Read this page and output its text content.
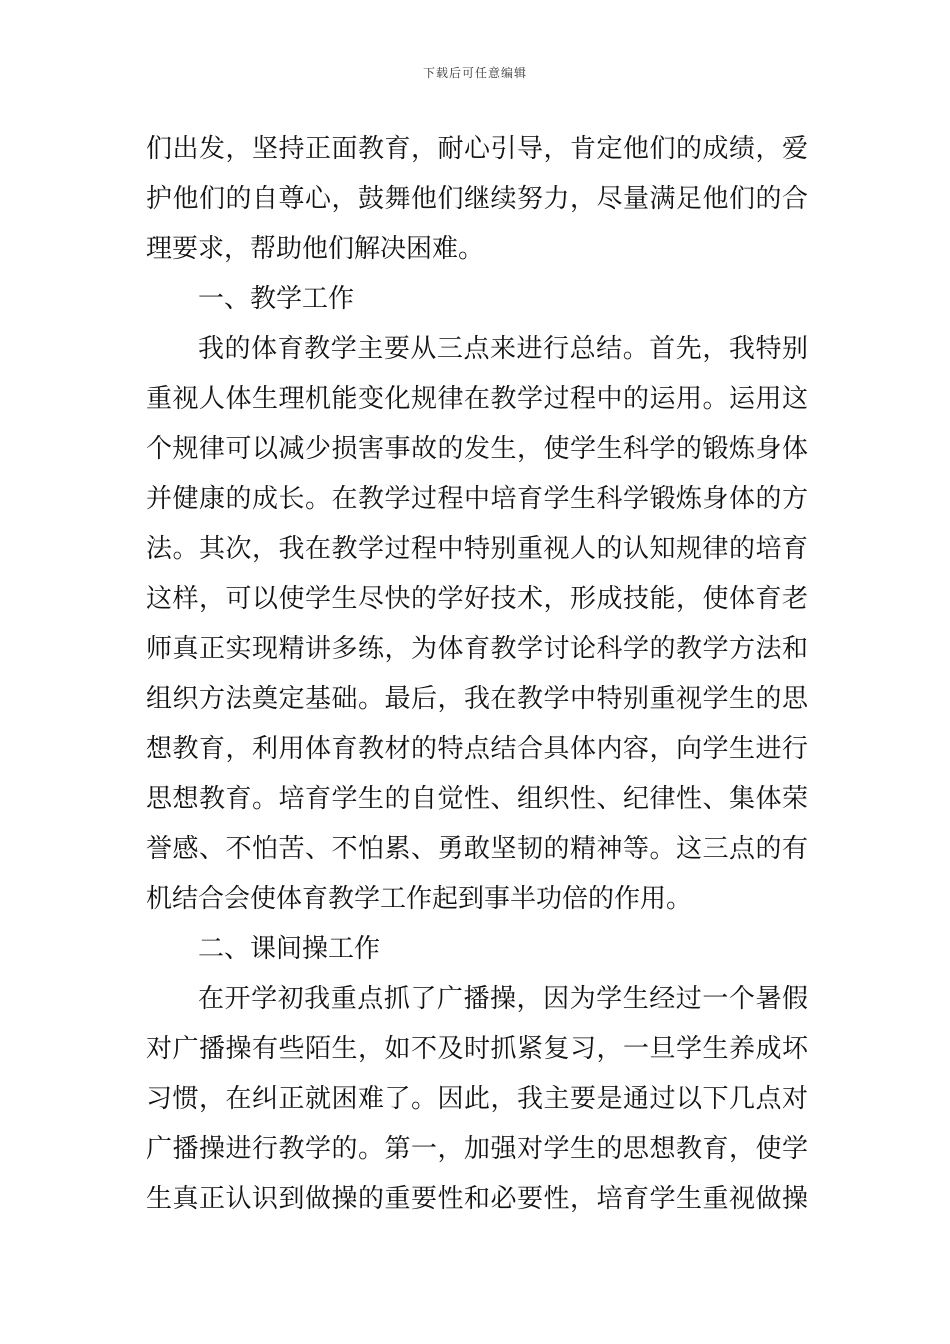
下载后可任意编辑
们出发，坚持正面教育，耐心引导，肯定他们的成绩，爱
护他们的自尊心，鼓舞他们继续努力，尽量满足他们的合
理要求，帮助他们解决困难。
一、教学工作
我的体育教学主要从三点来进行总结。首先，我特别
重视人体生理机能变化规律在教学过程中的运用。运用这
个规律可以减少损害事故的发生，使学生科学的锻炼身体
并健康的成长。在教学过程中培育学生科学锻炼身体的方
法。其次，我在教学过程中特别重视人的认知规律的培育
这样，可以使学生尽快的学好技术，形成技能，使体育老
师真正实现精讲多练，为体育教学讨论科学的教学方法和
组织方法奠定基础。最后，我在教学中特别重视学生的思
想教育，利用体育教材的特点结合具体内容，向学生进行
思想教育。培育学生的自觉性、组织性、纪律性、集体荣
誉感、不怕苦、不怕累、勇敢坚韧的精神等。这三点的有
机结合会使体育教学工作起到事半功倍的作用。
二、课间操工作
在开学初我重点抓了广播操，因为学生经过一个暑假
对广播操有些陌生，如不及时抓紧复习，一旦学生养成坏
习惯，在纠正就困难了。因此，我主要是通过以下几点对
广播操进行教学的。第一，加强对学生的思想教育，使学
生真正认识到做操的重要性和必要性，培育学生重视做操
